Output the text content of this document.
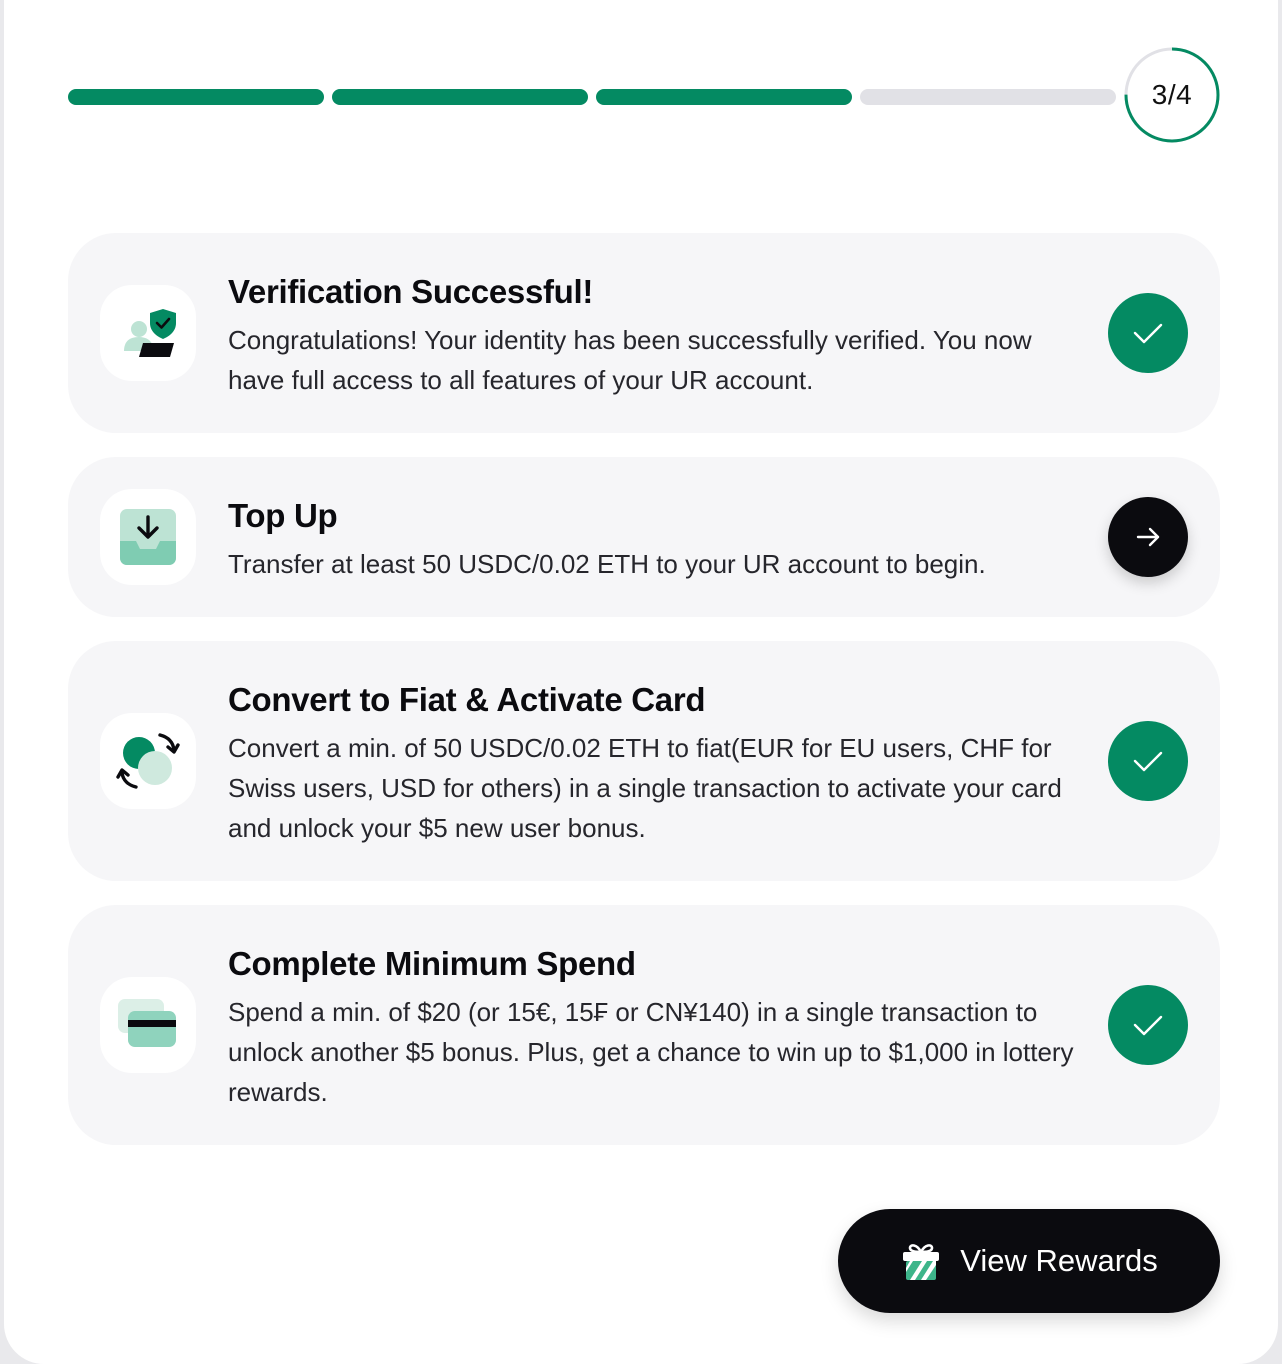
3/4
Verification Successful!
Congratulations! Your identity has been successfully verified. You now have full access to all features of your UR account.
Top Up
Transfer at least 50 USDC/0.02 ETH to your UR account to begin.
Convert to Fiat & Activate Card
Convert a min. of 50 USDC/0.02 ETH to fiat(EUR for EU users, CHF for Swiss users, USD for others) in a single transaction to activate your card and unlock your $5 new user bonus.
Complete Minimum Spend
Spend a min. of $20 (or 15€, 15₣ or CN¥140) in a single transaction to unlock another $5 bonus. Plus, get a chance to win up to $1,000 in lottery rewards.
View Rewards
